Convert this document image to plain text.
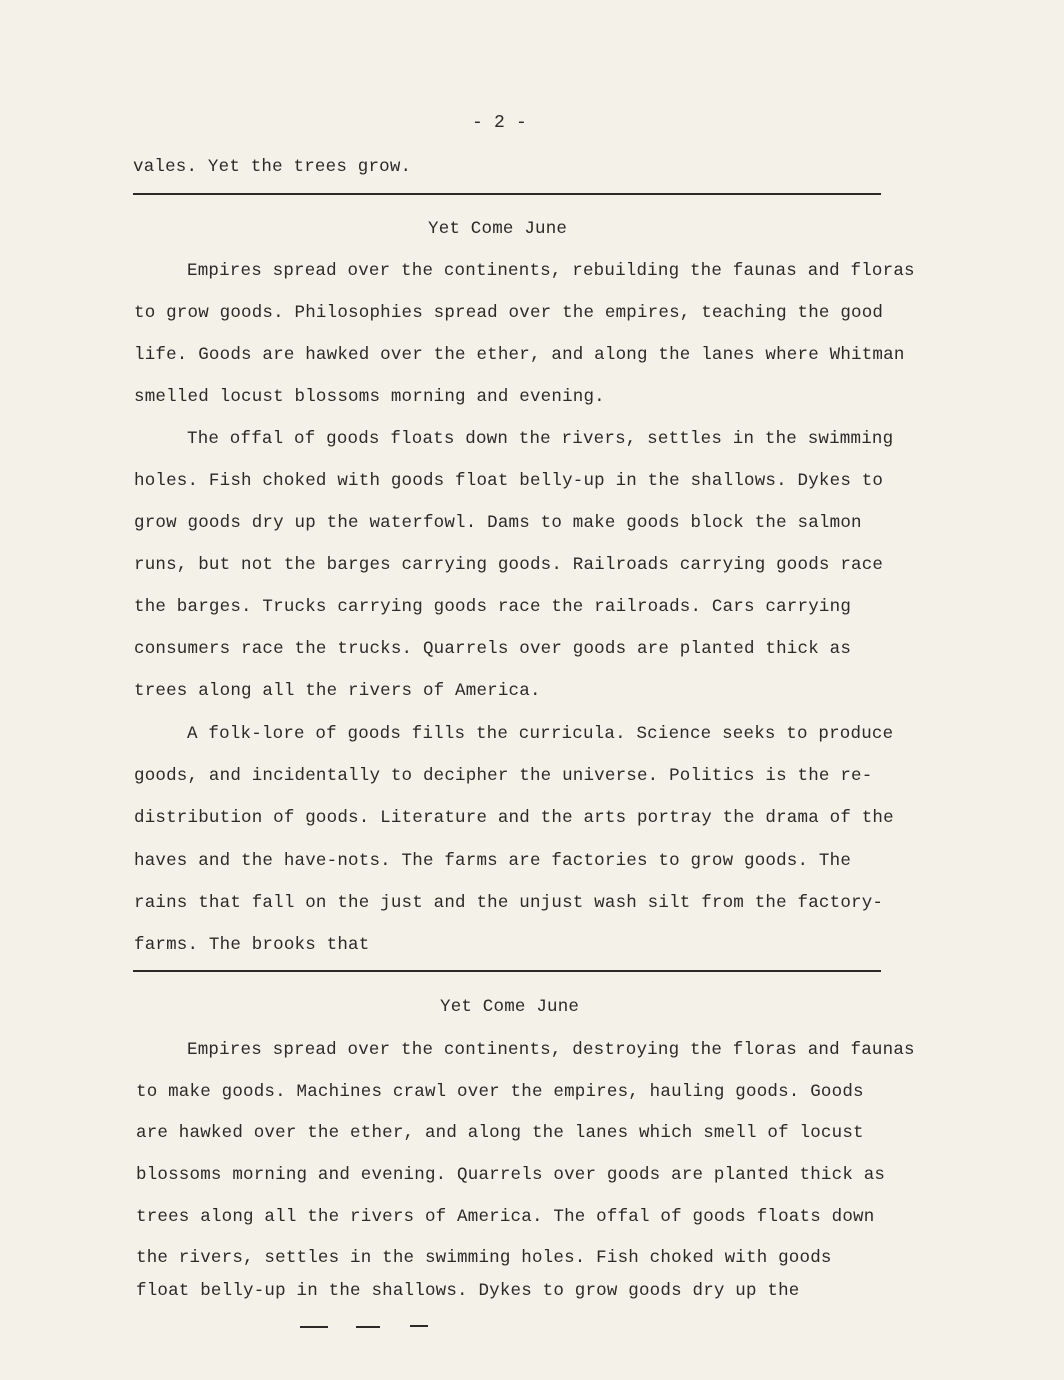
- 2 -
vales. Yet the trees grow.
Yet Come June
Empires spread over the continents, rebuilding the faunas and floras
to grow goods. Philosophies spread over the empires, teaching the good
life. Goods are hawked over the ether, and along the lanes where Whitman
smelled locust blossoms morning and evening.
The offal of goods floats down the rivers, settles in the swimming
holes. Fish choked with goods float belly-up in the shallows. Dykes to
grow goods dry up the waterfowl. Dams to make goods block the salmon
runs, but not the barges carrying goods. Railroads carrying goods race
the barges. Trucks carrying goods race the railroads. Cars carrying
consumers race the trucks. Quarrels over goods are planted thick as
trees along all the rivers of America.
A folk-lore of goods fills the curricula. Science seeks to produce
goods, and incidentally to decipher the universe. Politics is the re-
distribution of goods. Literature and the arts portray the drama of the
haves and the have-nots. The farms are factories to grow goods. The
rains that fall on the just and the unjust wash silt from the factory-
farms. The brooks that
Yet Come June
Empires spread over the continents, destroying the floras and faunas
to make goods. Machines crawl over the empires, hauling goods. Goods
are hawked over the ether, and along the lanes which smell of locust
blossoms morning and evening. Quarrels over goods are planted thick as
trees along all the rivers of America. The offal of goods floats down
the rivers, settles in the swimming holes. Fish choked with goods
float belly-up in the shallows. Dykes to grow goods dry up the
